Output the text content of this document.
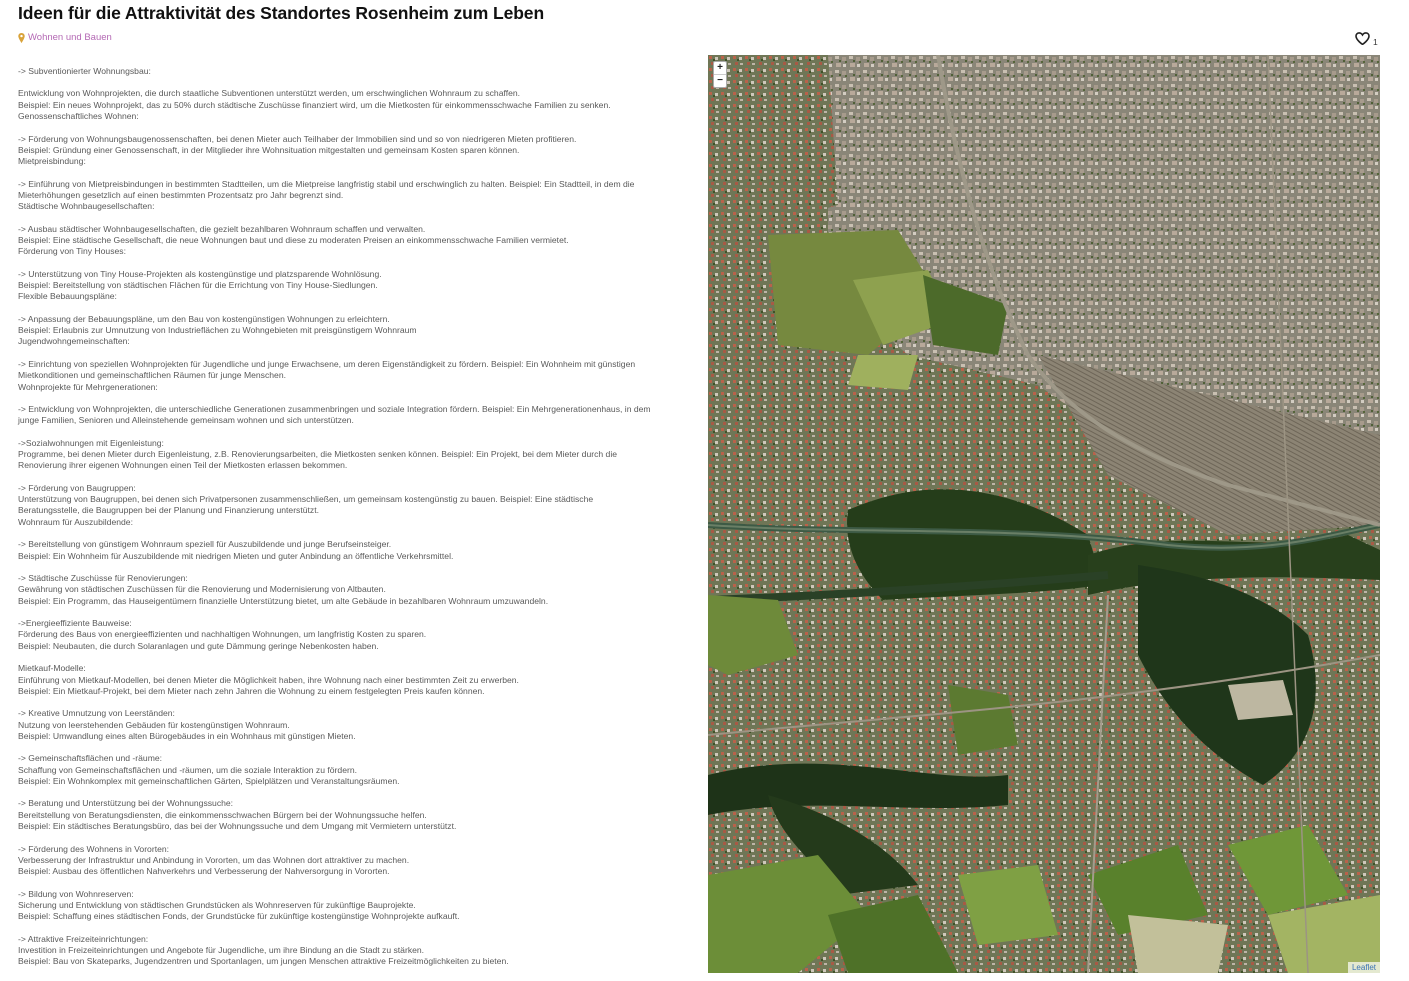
Ideen für die Attraktivität des Standortes Rosenheim zum Leben
Wohnen und Bauen	1
-> Subventionierter Wohnungsbau:
Entwicklung von Wohnprojekten, die durch staatliche Subventionen unterstützt werden, um erschwinglichen Wohnraum zu schaffen.
Beispiel: Ein neues Wohnprojekt, das zu 50% durch städtische Zuschüsse finanziert wird, um die Mietkosten für einkommensschwache Familien zu senken.
Genossenschaftliches Wohnen:
-> Förderung von Wohnungsbaugenossenschaften, bei denen Mieter auch Teilhaber der Immobilien sind und so von niedrigeren Mieten profitieren.
Beispiel: Gründung einer Genossenschaft, in der Mitglieder ihre Wohnsituation mitgestalten und gemeinsam Kosten sparen können.
Mietpreisbindung:
-> Einführung von Mietpreisbindungen in bestimmten Stadtteilen, um die Mietpreise langfristig stabil und erschwinglich zu halten. Beispiel: Ein Stadtteil, in dem die
Mieterhöhungen gesetzlich auf einen bestimmten Prozentsatz pro Jahr begrenzt sind.
Städtische Wohnbaugesellschaften:
-> Ausbau städtischer Wohnbaugesellschaften, die gezielt bezahlbaren Wohnraum schaffen und verwalten.
Beispiel: Eine städtische Gesellschaft, die neue Wohnungen baut und diese zu moderaten Preisen an einkommensschwache Familien vermietet.
Förderung von Tiny Houses:
-> Unterstützung von Tiny House-Projekten als kostengünstige und platzsparende Wohnlösung.
Beispiel: Bereitstellung von städtischen Flächen für die Errichtung von Tiny House-Siedlungen.
Flexible Bebauungspläne:
-> Anpassung der Bebauungspläne, um den Bau von kostengünstigen Wohnungen zu erleichtern.
Beispiel: Erlaubnis zur Umnutzung von Industrieflächen zu Wohngebieten mit preisgünstigem Wohnraum
Jugendwohngemeinschaften:
-> Einrichtung von speziellen Wohnprojekten für Jugendliche und junge Erwachsene, um deren Eigenständigkeit zu fördern. Beispiel: Ein Wohnheim mit günstigen
Mietkonditionen und gemeinschaftlichen Räumen für junge Menschen.
Wohnprojekte für Mehrgenerationen:
-> Entwicklung von Wohnprojekten, die unterschiedliche Generationen zusammenbringen und soziale Integration fördern. Beispiel: Ein Mehrgenerationenhaus, in dem
junge Familien, Senioren und Alleinstehende gemeinsam wohnen und sich unterstützen.
->Sozialwohnungen mit Eigenleistung:
Programme, bei denen Mieter durch Eigenleistung, z.B. Renovierungsarbeiten, die Mietkosten senken können. Beispiel: Ein Projekt, bei dem Mieter durch die
Renovierung ihrer eigenen Wohnungen einen Teil der Mietkosten erlassen bekommen.
-> Förderung von Baugruppen:
Unterstützung von Baugruppen, bei denen sich Privatpersonen zusammenschließen, um gemeinsam kostengünstig zu bauen. Beispiel: Eine städtische
Beratungsstelle, die Baugruppen bei der Planung und Finanzierung unterstützt.
Wohnraum für Auszubildende:
-> Bereitstellung von günstigem Wohnraum speziell für Auszubildende und junge Berufseinsteiger.
Beispiel: Ein Wohnheim für Auszubildende mit niedrigen Mieten und guter Anbindung an öffentliche Verkehrsmittel.
-> Städtische Zuschüsse für Renovierungen:
Gewährung von städtischen Zuschüssen für die Renovierung und Modernisierung von Altbauten.
Beispiel: Ein Programm, das Hauseigentümern finanzielle Unterstützung bietet, um alte Gebäude in bezahlbaren Wohnraum umzuwandeln.
->Energieeffiziente Bauweise:
Förderung des Baus von energieeffizienten und nachhaltigen Wohnungen, um langfristig Kosten zu sparen.
Beispiel: Neubauten, die durch Solaranlagen und gute Dämmung geringe Nebenkosten haben.
Mietkauf-Modelle:
Einführung von Mietkauf-Modellen, bei denen Mieter die Möglichkeit haben, ihre Wohnung nach einer bestimmten Zeit zu erwerben.
Beispiel: Ein Mietkauf-Projekt, bei dem Mieter nach zehn Jahren die Wohnung zu einem festgelegten Preis kaufen können.
-> Kreative Umnutzung von Leerständen:
Nutzung von leerstehenden Gebäuden für kostengünstigen Wohnraum.
Beispiel: Umwandlung eines alten Bürogebäudes in ein Wohnhaus mit günstigen Mieten.
-> Gemeinschaftsflächen und -räume:
Schaffung von Gemeinschaftsflächen und -räumen, um die soziale Interaktion zu fördern.
Beispiel: Ein Wohnkomplex mit gemeinschaftlichen Gärten, Spielplätzen und Veranstaltungsräumen.
-> Beratung und Unterstützung bei der Wohnungssuche:
Bereitstellung von Beratungsdiensten, die einkommensschwachen Bürgern bei der Wohnungssuche helfen.
Beispiel: Ein städtisches Beratungsbüro, das bei der Wohnungssuche und dem Umgang mit Vermietern unterstützt.
-> Förderung des Wohnens in Vororten:
Verbesserung der Infrastruktur und Anbindung in Vororten, um das Wohnen dort attraktiver zu machen.
Beispiel: Ausbau des öffentlichen Nahverkehrs und Verbesserung der Nahversorgung in Vororten.
-> Bildung von Wohnreserven:
Sicherung und Entwicklung von städtischen Grundstücken als Wohnreserven für zukünftige Bauprojekte.
Beispiel: Schaffung eines städtischen Fonds, der Grundstücke für zukünftige kostengünstige Wohnprojekte aufkauft.
-> Attraktive Freizeiteinrichtungen:
Investition in Freizeiteinrichtungen und Angebote für Jugendliche, um ihre Bindung an die Stadt zu stärken.
Beispiel: Bau von Skateparks, Jugendzentren und Sportanlagen, um jungen Menschen attraktive Freizeitmöglichkeiten zu bieten.
+
−
Leaflet
